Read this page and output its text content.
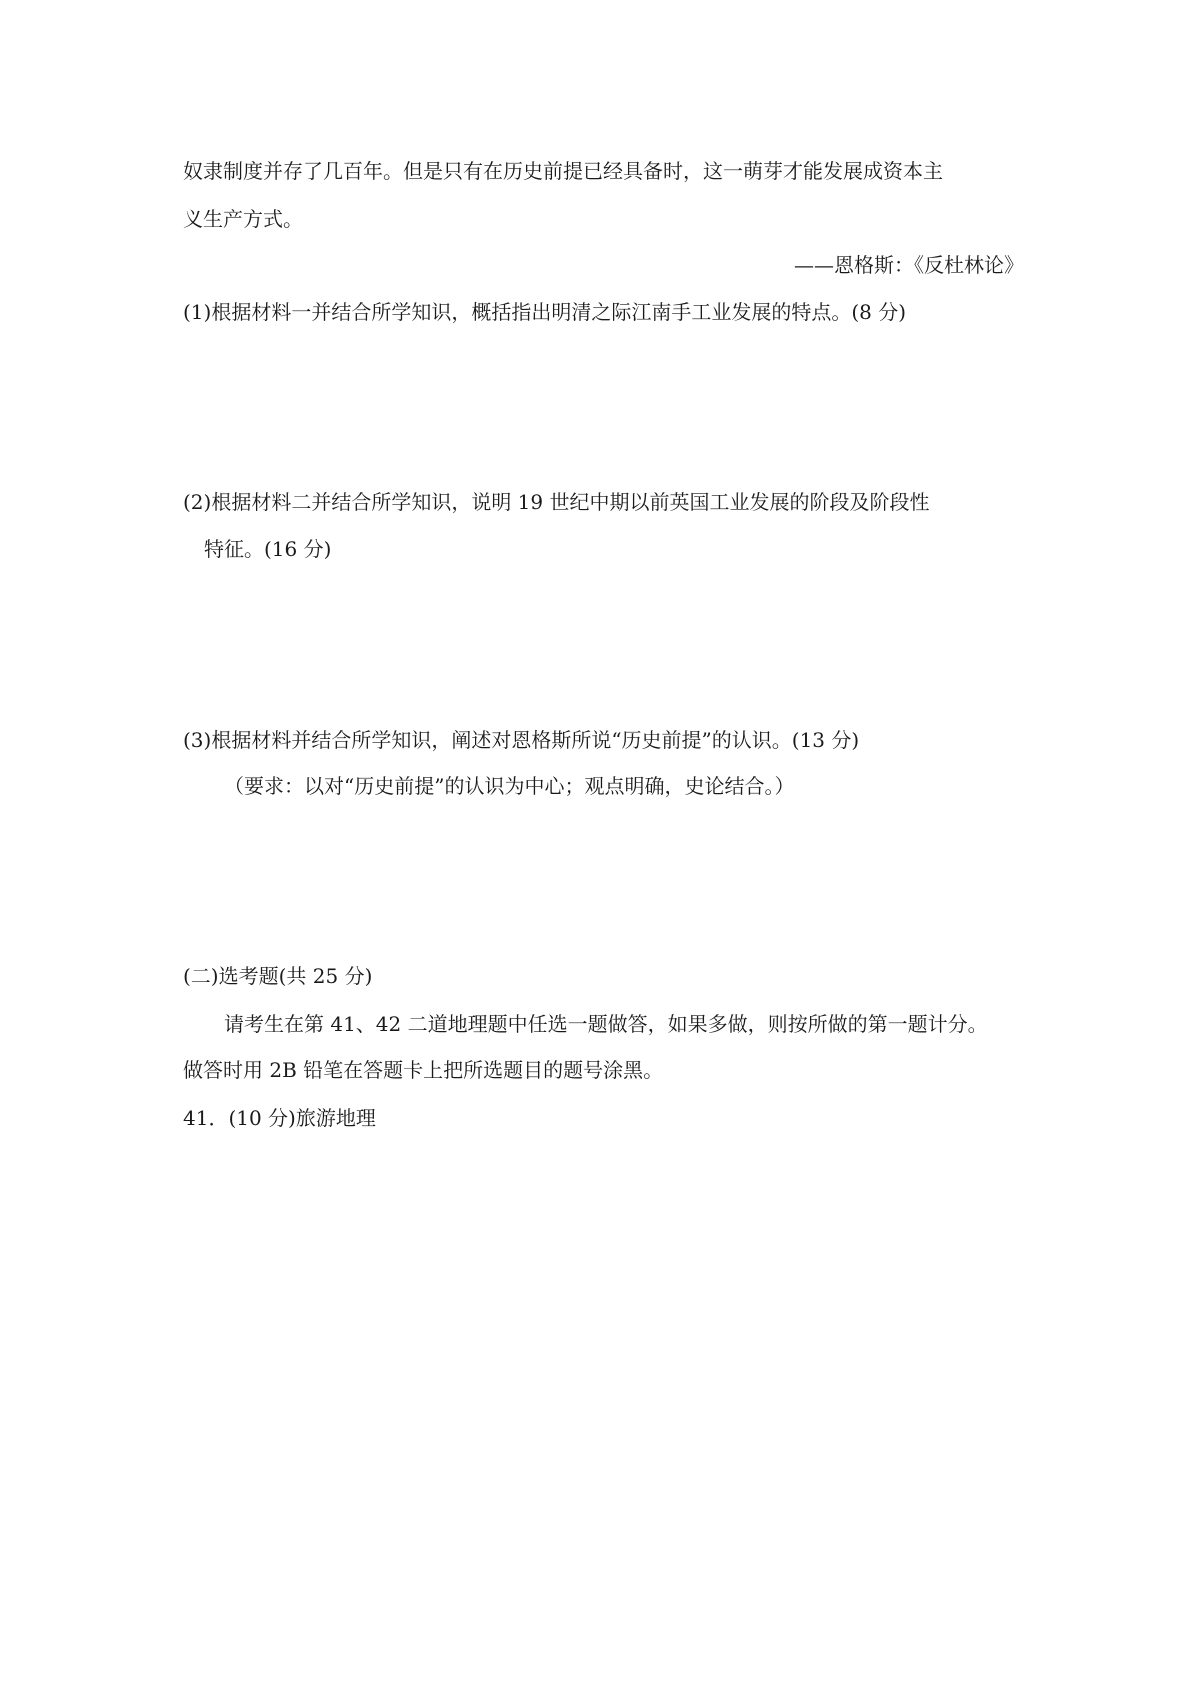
奴隶制度并存了几百年。但是只有在历史前提已经具备时，这一萌芽才能发展成资本主
义生产方式。
——恩格斯：《反杜林论》
(1)根据材料一并结合所学知识，概括指出明清之际江南手工业发展的特点。(8 分)
(2)根据材料二并结合所学知识，说明 19 世纪中期以前英国工业发展的阶段及阶段性
特征。(16 分)
(3)根据材料并结合所学知识，阐述对恩格斯所说“历史前提”的认识。(13 分)
（要求：以对“历史前提”的认识为中心；观点明确，史论结合。）
(二)选考题(共 25 分)
请考生在第 41、42 二道地理题中任选一题做答，如果多做，则按所做的第一题计分。
做答时用 2B 铅笔在答题卡上把所选题目的题号涂黑。
41．(10 分)旅游地理
